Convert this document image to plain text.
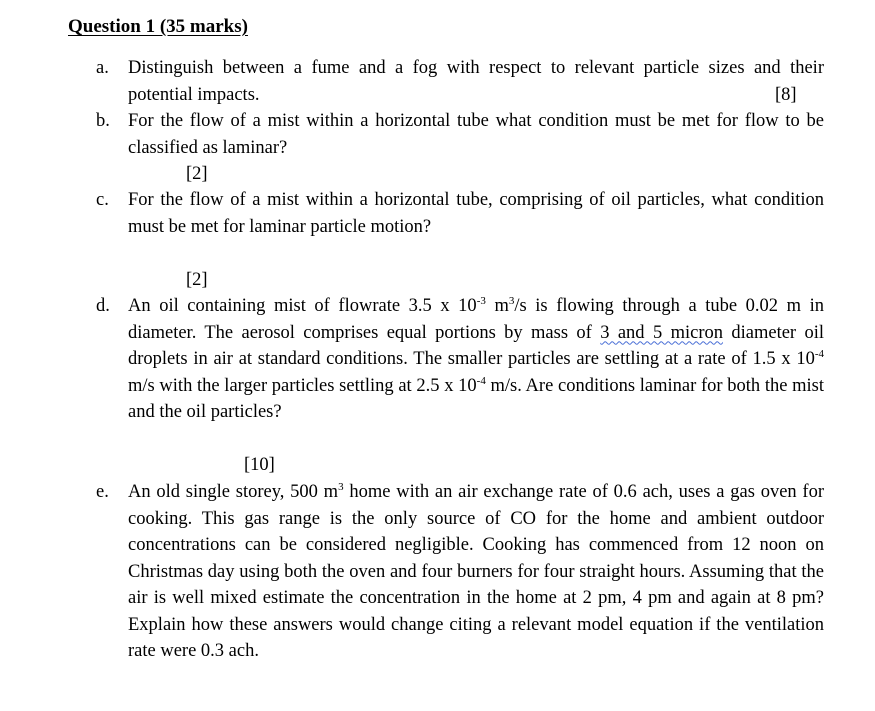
Question 1 (35 marks)
a.	Distinguish between a fume and a fog with respect to relevant particle sizes and their potential impacts.	[8]
b. For the flow of a mist within a horizontal tube what condition must be met for flow to be classified as laminar?
[2]
c.	For the flow of a mist within a horizontal tube, comprising of oil particles, what condition must be met for laminar particle motion?
[2]
d. An oil containing mist of flowrate 3.5 x $10^{-3}$ $m^3/s$ is flowing through a tube 0.02 m in diameter. The aerosol comprises equal portions by mass of 3 and 5 micron diameter oil droplets in air at standard conditions. The smaller particles are settling at a rate of 1.5 x $10^{-4}$ m/s with the larger particles settling at 2.5 x $10^{-4}$ m/s. Are conditions laminar for both the mist and the oil particles?
[10]
e.	An old single storey, 500 $m^3$ home with an air exchange rate of 0.6 ach, uses a gas oven for cooking. This gas range is the only source of CO for the home and ambient outdoor concentrations can be considered negligible. Cooking has commenced from 12 noon on Christmas day using both the oven and four burners for four straight hours. Assuming that the air is well mixed estimate the concentration in the home at 2 pm, 4 pm and again at 8 pm? Explain how these answers would change citing a relevant model equation if the ventilation rate were 0.3 ach.
